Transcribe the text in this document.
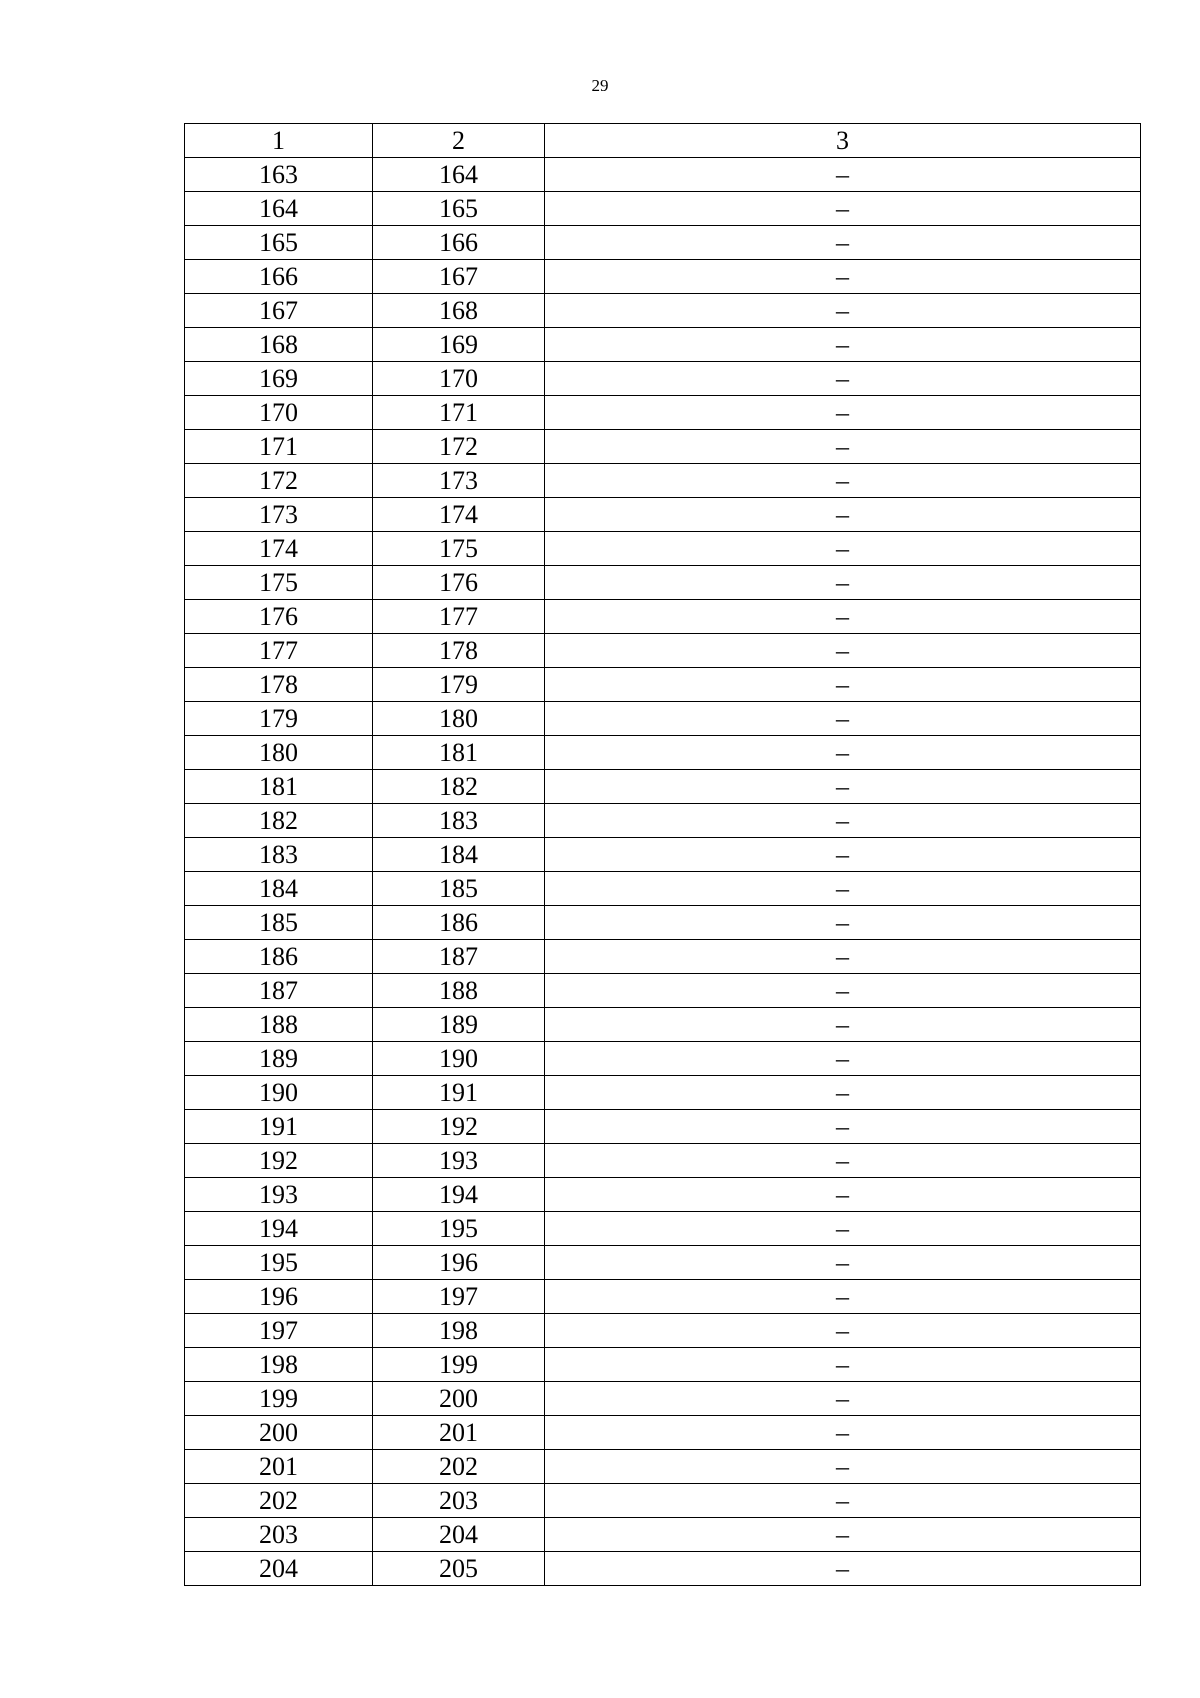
29
1	2	3
163	164	–
164	165	–
165	166	–
166	167	–
167	168	–
168	169	–
169	170	–
170	171	–
171	172	–
172	173	–
173	174	–
174	175	–
175	176	–
176	177	–
177	178	–
178	179	–
179	180	–
180	181	–
181	182	–
182	183	–
183	184	–
184	185	–
185	186	–
186	187	–
187	188	–
188	189	–
189	190	–
190	191	–
191	192	–
192	193	–
193	194	–
194	195	–
195	196	–
196	197	–
197	198	–
198	199	–
199	200	–
200	201	–
201	202	–
202	203	–
203	204	–
204	205	–
